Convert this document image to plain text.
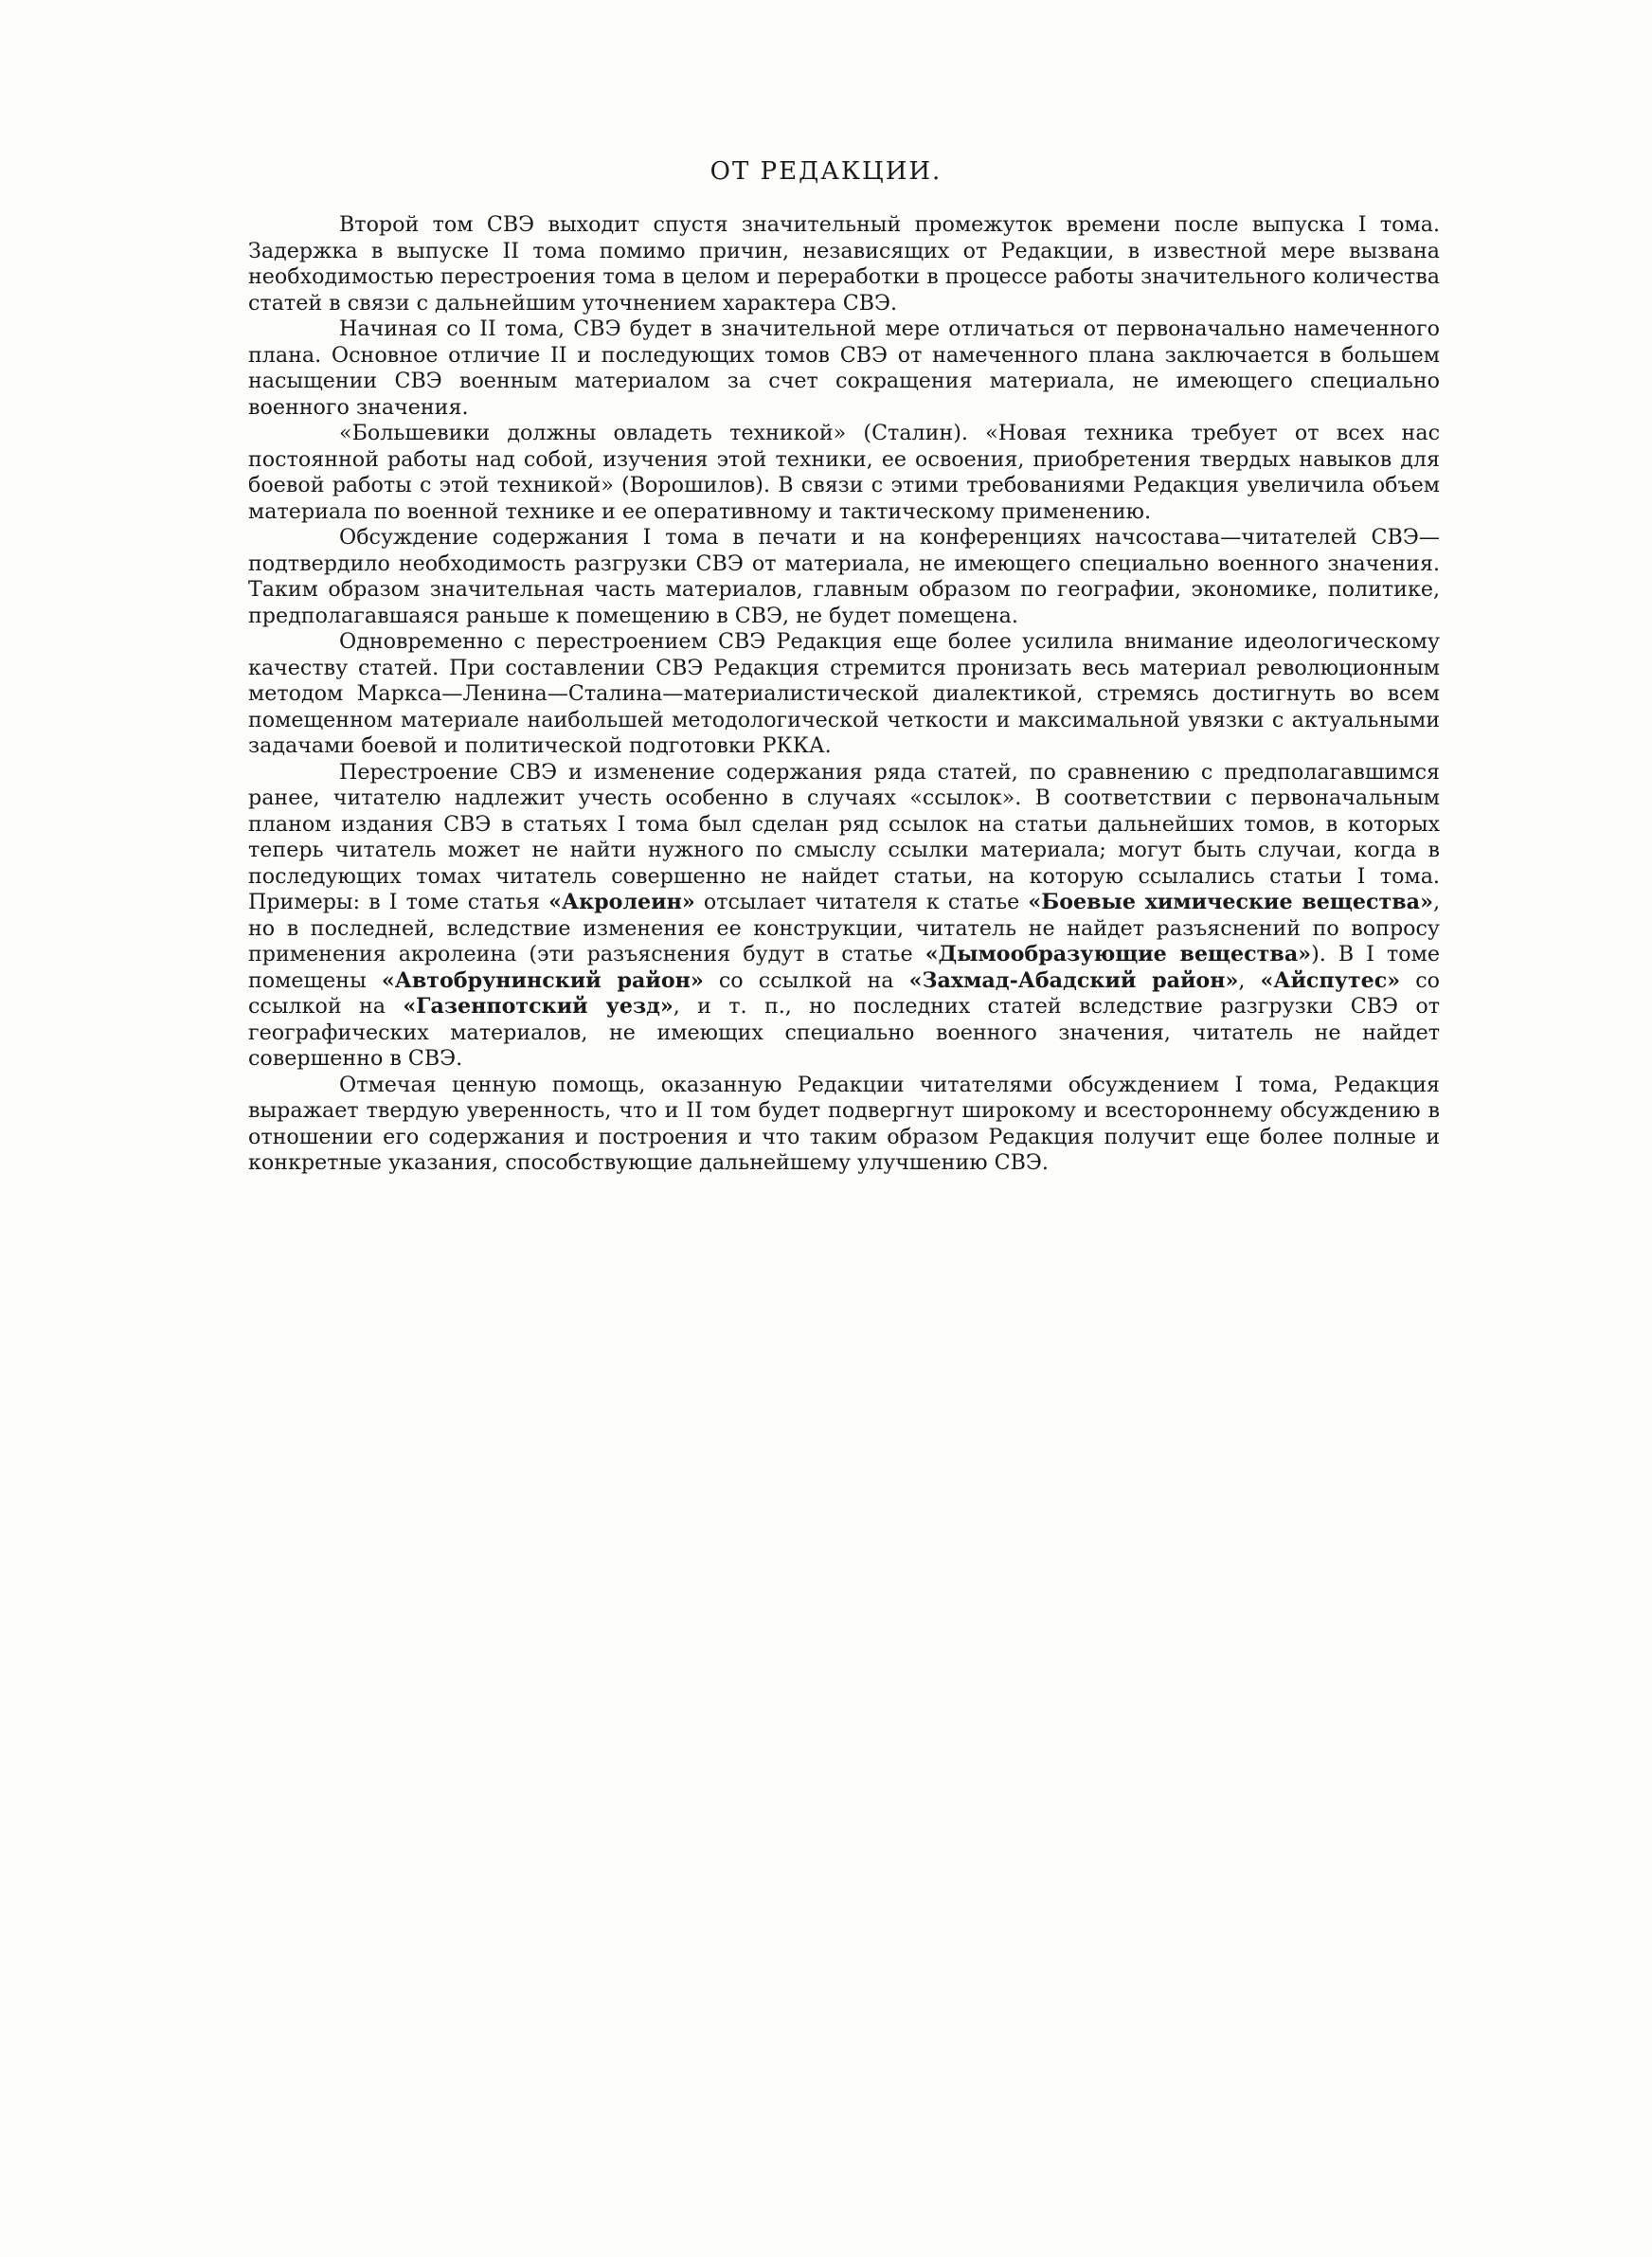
ОТ РЕДАКЦИИ.

Второй том СВЭ выходит спустя значительный промежуток времени после выпуска I тома. Задержка в выпуске II тома помимо причин, независящих от Редакции, в известной мере вызвана необходимостью перестроения тома в целом и переработки в процессе работы значительного количества статей в связи с дальнейшим уточнением характера СВЭ.

Начиная со II тома, СВЭ будет в значительной мере отличаться от первоначально намеченного плана. Основное отличие II и последующих томов СВЭ от намеченного плана заключается в большем насыщении СВЭ военным материалом за счет сокращения материала, не имеющего специально военного значения.

«Большевики должны овладеть техникой» (Сталин). «Новая техника требует от всех нас постоянной работы над собой, изучения этой техники, ее освоения, приобретения твердых навыков для боевой работы с этой техникой» (Ворошилов). В связи с этими требованиями Редакция увеличила объем материала по военной технике и ее оперативному и тактическому применению.

Обсуждение содержания I тома в печати и на конференциях начсостава—читателей СВЭ—подтвердило необходимость разгрузки СВЭ от материала, не имеющего специально военного значения. Таким образом значительная часть материалов, главным образом по географии, экономике, политике, предполагавшаяся раньше к помещению в СВЭ, не будет помещена.

Одновременно с перестроением СВЭ Редакция еще более усилила внимание идеологическому качеству статей. При составлении СВЭ Редакция стремится пронизать весь материал революционным методом Маркса—Ленина—Сталина—материалистической диалектикой, стремясь достигнуть во всем помещенном материале наибольшей методологической четкости и максимальной увязки с актуальными задачами боевой и политической подготовки РККА.

Перестроение СВЭ и изменение содержания ряда статей, по сравнению с предполагавшимся ранее, читателю надлежит учесть особенно в случаях «ссылок». В соответствии с первоначальным планом издания СВЭ в статьях I тома был сделан ряд ссылок на статьи дальнейших томов, в которых теперь читатель может не найти нужного по смыслу ссылки материала; могут быть случаи, когда в последующих томах читатель совершенно не найдет статьи, на которую ссылались статьи I тома. Примеры: в I томе статья «Акролеин» отсылает читателя к статье «Боевые химические вещества», но в последней, вследствие изменения ее конструкции, читатель не найдет разъяснений по вопросу применения акролеина (эти разъяснения будут в статье «Дымообразующие вещества»). В I томе помещены «Автобрунинский район» со ссылкой на «Захмад-Абадский район», «Айспутес» со ссылкой на «Газенпотский уезд», и т. п., но последних статей вследствие разгрузки СВЭ от географических материалов, не имеющих специально военного значения, читатель не найдет совершенно в СВЭ.

Отмечая ценную помощь, оказанную Редакции читателями обсуждением I тома, Редакция выражает твердую уверенность, что и II том будет подвергнут широкому и всестороннему обсуждению в отношении его содержания и построения и что таким образом Редакция получит еще более полные и конкретные указания, способствующие дальнейшему улучшению СВЭ.
